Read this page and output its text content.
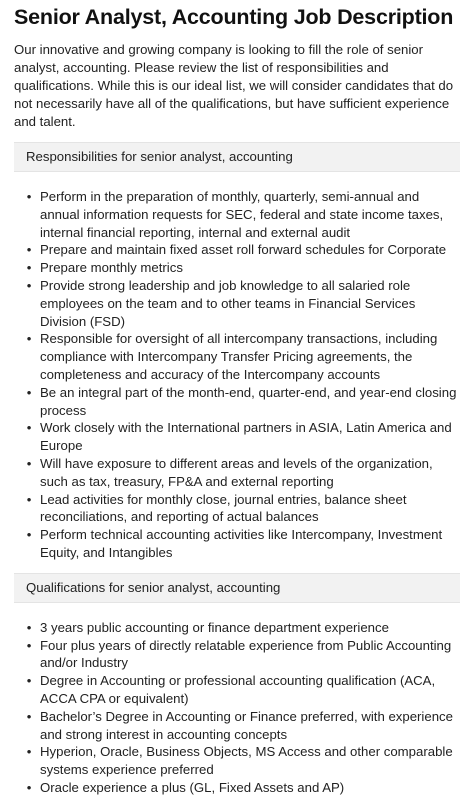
Senior Analyst, Accounting Job Description

Our innovative and growing company is looking to fill the role of senior analyst, accounting. Please review the list of responsibilities and qualifications. While this is our ideal list, we will consider candidates that do not necessarily have all of the qualifications, but have sufficient experience and talent.

Responsibilities for senior analyst, accounting
• Perform in the preparation of monthly, quarterly, semi-annual and annual information requests for SEC, federal and state income taxes, internal financial reporting, internal and external audit
• Prepare and maintain fixed asset roll forward schedules for Corporate
• Prepare monthly metrics
• Provide strong leadership and job knowledge to all salaried role employees on the team and to other teams in Financial Services Division (FSD)
• Responsible for oversight of all intercompany transactions, including compliance with Intercompany Transfer Pricing agreements, the completeness and accuracy of the Intercompany accounts
• Be an integral part of the month-end, quarter-end, and year-end closing process
• Work closely with the International partners in ASIA, Latin America and Europe
• Will have exposure to different areas and levels of the organization, such as tax, treasury, FP&A and external reporting
• Lead activities for monthly close, journal entries, balance sheet reconciliations, and reporting of actual balances
• Perform technical accounting activities like Intercompany, Investment Equity, and Intangibles
Qualifications for senior analyst, accounting
• 3 years public accounting or finance department experience
• Four plus years of directly relatable experience from Public Accounting and/or Industry
• Degree in Accounting or professional accounting qualification (ACA, ACCA CPA or equivalent)
• Bachelor’s Degree in Accounting or Finance preferred, with experience and strong interest in accounting concepts
• Hyperion, Oracle, Business Objects, MS Access and other comparable systems experience preferred
• Oracle experience a plus (GL, Fixed Assets and AP)
